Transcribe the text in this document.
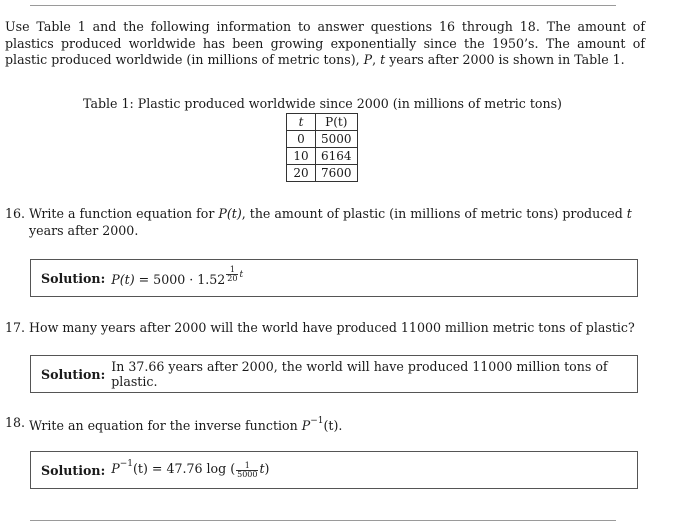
Use Table 1 and the following information to answer questions 16 through 18. The amount of plastics produced worldwide has been growing exponentially since the 1950’s. The amount of plastic produced worldwide (in millions of metric tons), P, t years after 2000 is shown in Table 1.
Table 1: Plastic produced worldwide since 2000 (in millions of metric tons)
t	P(t)
0	5000
10	6164
20	7600
16. Write a function equation for P(t), the amount of plastic (in millions of metric tons) produced t years after 2000.
Solution: P(t) = 5000 · 1.52 $^{\frac{1}{20} t}$
17. How many years after 2000 will the world have produced 11000 million metric tons of plastic?
Solution: In 37.66 years after 2000, the world will have produced 11000 million tons of plastic.
18. Write an equation for the inverse function $P^{-1}(t)$.
Solution: $P^{-1}(t) = 47.76$ log ( $\frac{1}{5000} t$)
